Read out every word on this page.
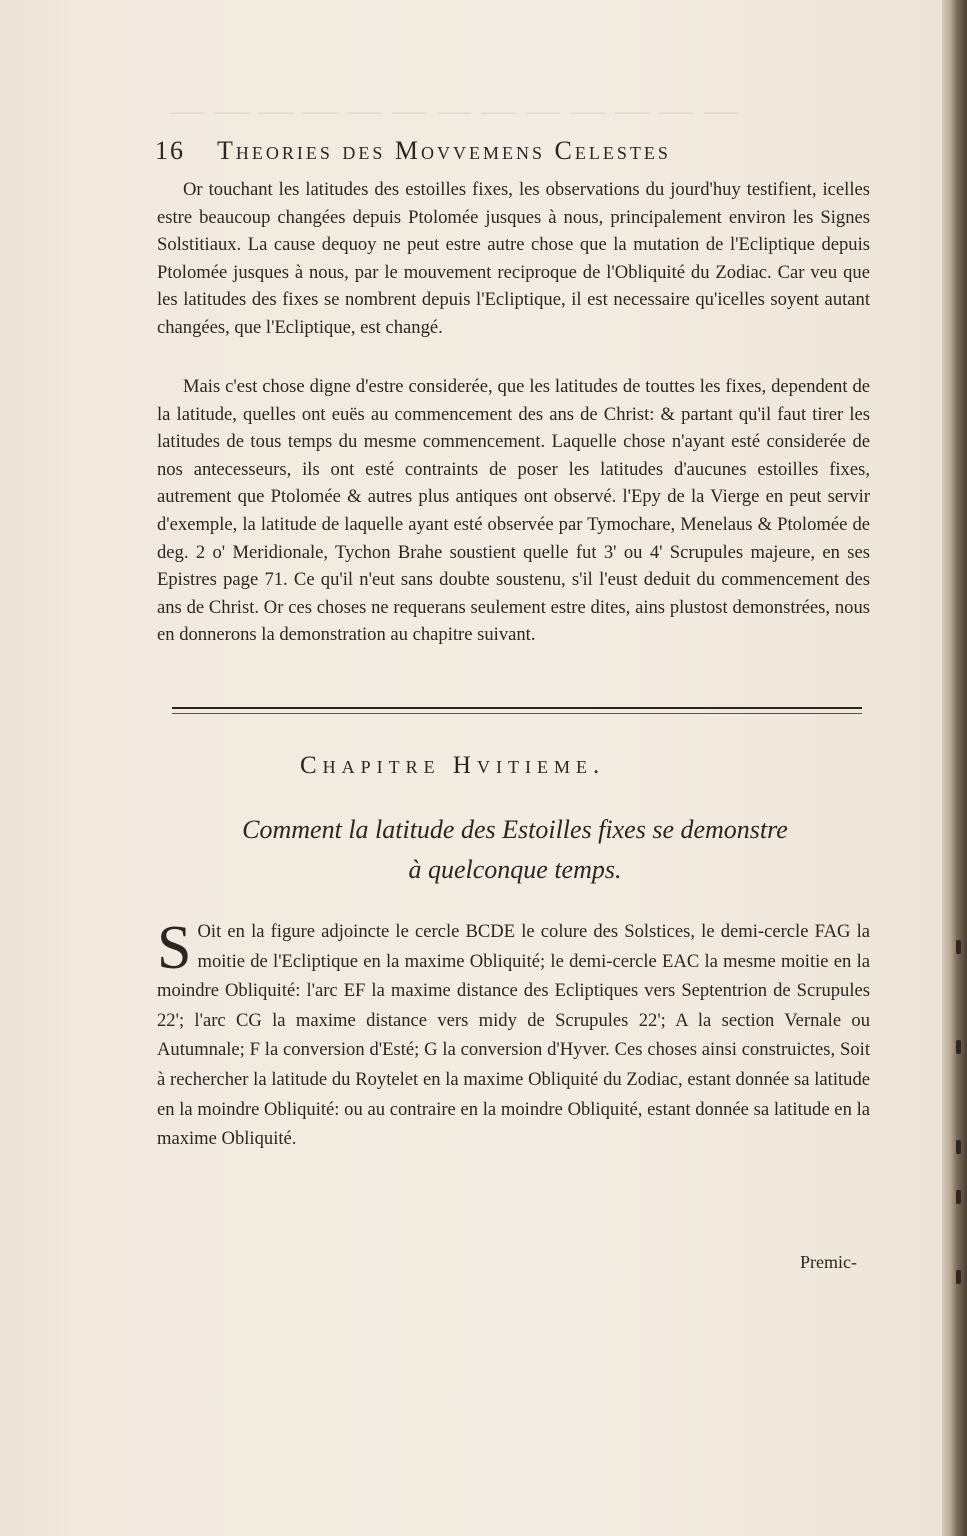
— — — — — — — — — — — — —
16 Theories des Movvemens Celestes
Or touchant les latitudes des estoilles fixes, les observations du jourd'huy testifient, icelles estre beaucoup changées depuis Ptolomée jusques à nous, principalement environ les Signes Solstitiaux. La cause dequoy ne peut estre autre chose que la mutation de l'Ecliptique depuis Ptolomée jusques à nous, par le mouvement reciproque de l'Obliquité du Zodiac. Car veu que les latitudes des fixes se nombrent depuis l'Ecliptique, il est necessaire qu'icelles soyent autant changées, que l'Ecliptique, est changé.
Mais c'est chose digne d'estre considerée, que les latitudes de touttes les fixes, dependent de la latitude, quelles ont euës au commencement des ans de Christ: & partant qu'il faut tirer les latitudes de tous temps du mesme commencement. Laquelle chose n'ayant esté considerée de nos antecesseurs, ils ont esté contraints de poser les latitudes d'aucunes estoilles fixes, autrement que Ptolomée & autres plus antiques ont observé. l'Epy de la Vierge en peut servir d'exemple, la latitude de laquelle ayant esté observée par Tymochare, Menelaus & Ptolomée de deg. 2 o' Meridionale, Tychon Brahe soustient quelle fut 3' ou 4' Scrupules majeure, en ses Epistres page 71. Ce qu'il n'eut sans doubte soustenu, s'il l'eust deduit du commencement des ans de Christ. Or ces choses ne requerans seulement estre dites, ains plustost demonstrées, nous en donnerons la demonstration au chapitre suivant.
Chapitre Hvitieme.
Comment la latitude des Estoilles fixes se demonstre
à quelconque temps.
S Oit en la figure adjoincte le cercle BCDE le colure des Solstices, le demi-cercle FAG la moitie de l'Ecliptique en la maxime Obliquité; le demi-cercle EAC la mesme moitie en la moindre Obliquité: l'arc EF la maxime distance des Ecliptiques vers Septentrion de Scrupules 22'; l'arc CG la maxime distance vers midy de Scrupules 22'; A la section Vernale ou Autumnale; F la conversion d'Esté; G la conversion d'Hyver. Ces choses ainsi construictes, Soit à rechercher la latitude du Roytelet en la maxime Obliquité du Zodiac, estant donnée sa latitude en la moindre Obliquité: ou au contraire en la moindre Obliquité, estant donnée sa latitude en la maxime Obliquité.
Premic-
